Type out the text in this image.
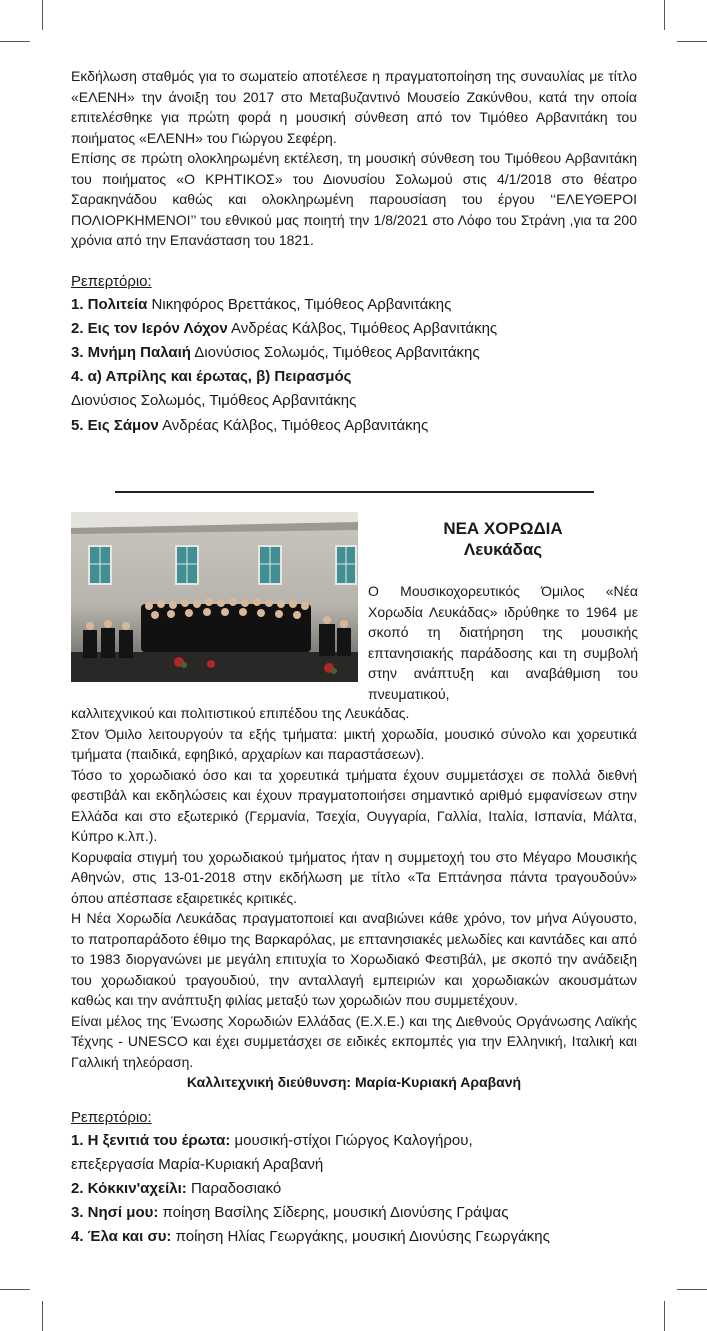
Εκδήλωση σταθμός για το σωματείο αποτέλεσε η πραγματοποίηση της συναυλίας με τίτλο «ΕΛΕΝΗ» την άνοιξη του 2017 στο Μεταβυζαντινό Μουσείο Ζακύνθου, κατά την οποία επιτελέσθηκε για πρώτη φορά η μουσική σύνθεση από τον Τιμόθεο Αρβανιτάκη του ποιήματος «ΕΛΕΝΗ» του Γιώργου Σεφέρη.

Επίσης σε πρώτη ολοκληρωμένη εκτέλεση, τη μουσική σύνθεση του Τιμόθεου Αρβανιτάκη του ποιήματος «Ο ΚΡΗΤΙΚΟΣ» του Διονυσίου Σολωμού στις 4/1/2018 στο θέατρο Σαρακηνάδου καθώς και ολοκληρωμένη παρουσίαση του έργου ‘‘ΕΛΕΥΘΕΡΟΙ ΠΟΛΙΟΡΚΗΜΕΝΟΙ’’ του εθνικού μας ποιητή την 1/8/2021 στο Λόφο του Στράνη ,για τα 200 χρόνια από την Επανάσταση του 1821.

Ρεπερτόριο:

1. Πολιτεία Νικηφόρος Βρεττάκος, Τιμόθεος Αρβανιτάκης
2. Εις τον Ιερόν Λόχον Ανδρέας Κάλβος, Τιμόθεος Αρβανιτάκης
3. Μνήμη Παλαιή Διονύσιος Σολωμός, Τιμόθεος Αρβανιτάκης
4. α) Απρίλης και έρωτας, β) Πειρασμός
Διονύσιος Σολωμός, Τιμόθεος Αρβανιτάκης
5. Εις Σάμον Ανδρέας Κάλβος, Τιμόθεος Αρβανιτάκης
ΝΕΑ ΧΟΡΩΔΙΑ
Λευκάδας

Ο Μουσικοχορευτικός Όμιλος «Νέα Χορωδία Λευκάδας» ιδρύθηκε το 1964 με σκοπό τη διατήρηση της μουσικής επτανησιακής παράδοσης και τη συμβολή στην ανάπτυξη και αναβάθμιση του πνευματικού,

καλλιτεχνικού και πολιτιστικού επιπέδου της Λευκάδας.

Στον Όμιλο λειτουργούν τα εξής τμήματα: μικτή χορωδία, μουσικό σύνολο και χορευτικά τμήματα (παιδικά, εφηβικό, αρχαρίων και παραστάσεων).

Τόσο το χορωδιακό όσο και τα χορευτικά τμήματα έχουν συμμετάσχει σε πολλά διεθνή φεστιβάλ και εκδηλώσεις και έχουν πραγματοποιήσει σημαντικό αριθμό εμφανίσεων στην Ελλάδα και στο εξωτερικό (Γερμανία, Τσεχία, Ουγγαρία, Γαλλία, Ιταλία, Ισπανία, Μάλτα, Κύπρο κ.λπ.).

Κορυφαία στιγμή του χορωδιακού τμήματος ήταν η συμμετοχή του στο Μέγαρο Μουσικής Αθηνών, στις 13-01-2018 στην εκδήλωση με τίτλο «Τα Επτάνησα πάντα τραγουδούν» όπου απέσπασε εξαιρετικές κριτικές.

Η Νέα Χορωδία Λευκάδας πραγματοποιεί και αναβιώνει κάθε χρόνο, τον μήνα Αύγουστο, το πατροπαράδοτο έθιμο της Βαρκαρόλας, με επτανησιακές μελωδίες και καντάδες και από το 1983 διοργανώνει με μεγάλη επιτυχία το Χορωδιακό Φεστιβάλ, με σκοπό την ανάδειξη του χορωδιακού τραγουδιού, την ανταλλαγή εμπειριών και χορωδιακών ακουσμάτων καθώς και την ανάπτυξη φιλίας μεταξύ των χορωδιών που συμμετέχουν.

Είναι μέλος της Ένωσης Χορωδιών Ελλάδας (Ε.Χ.Ε.) και της Διεθνούς Οργάνωσης Λαϊκής Τέχνης - UNESCO και έχει συμμετάσχει σε ειδικές εκπομπές για την Ελληνική, Ιταλική και Γαλλική τηλεόραση.

Καλλιτεχνική διεύθυνση: Μαρία-Κυριακή Αραβανή

Ρεπερτόριο:

1. Η ξενιτιά του έρωτα: μουσική-στίχοι Γιώργος Καλογήρου,
επεξεργασία Μαρία-Κυριακή Αραβανή
2. Κόκκιν'αχείλι: Παραδοσιακό
3. Νησί μου: ποίηση Βασίλης Σίδερης, μουσική Διονύσης Γράψας
4. Έλα και συ: ποίηση Ηλίας Γεωργάκης, μουσική Διονύσης Γεωργάκης
